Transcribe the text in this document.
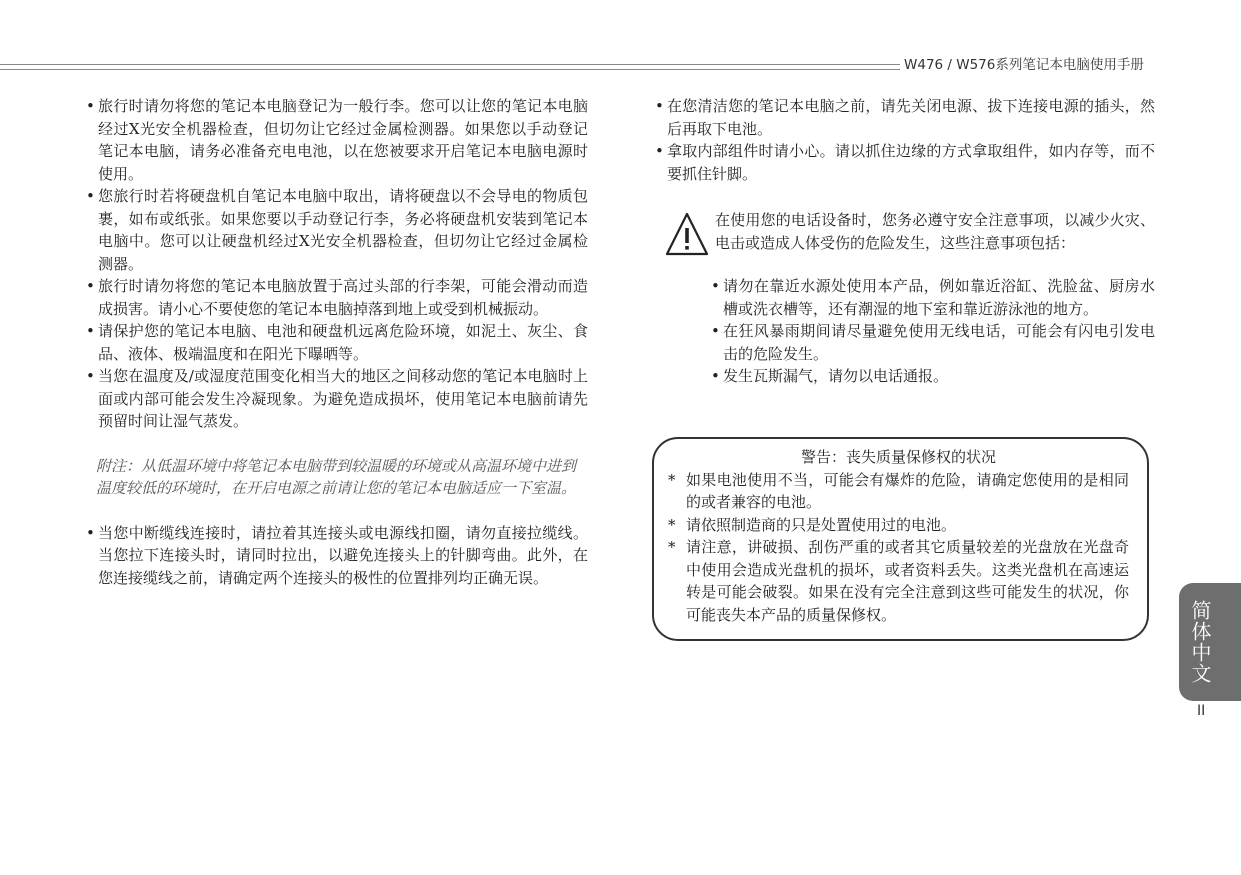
W476 / W576系列笔记本电脑使用手册
• 旅行时请勿将您的笔记本电脑登记为一般行李。您可以让您的笔记本电脑经过X光安全机器检查，但切勿让它经过金属检测器。如果您以手动登记笔记本电脑，请务必准备充电电池，以在您被要求开启笔记本电脑电源时使用。
• 您旅行时若将硬盘机自笔记本电脑中取出，请将硬盘以不会导电的物质包裹，如布或纸张。如果您要以手动登记行李，务必将硬盘机安装到笔记本电脑中。您可以让硬盘机经过X光安全机器检查，但切勿让它经过金属检测器。
• 旅行时请勿将您的笔记本电脑放置于高过头部的行李架，可能会滑动而造成损害。请小心不要使您的笔记本电脑掉落到地上或受到机械振动。
• 请保护您的笔记本电脑、电池和硬盘机远离危险环境，如泥土、灰尘、食品、液体、极端温度和在阳光下曝晒等。
• 当您在温度及/或湿度范围变化相当大的地区之间移动您的笔记本电脑时上面或内部可能会发生冷凝现象。为避免造成损坏，使用笔记本电脑前请先预留时间让湿气蒸发。
附注：从低温环境中将笔记本电脑带到较温暖的环境或从高温环境中进到温度较低的环境时，在开启电源之前请让您的笔记本电脑适应一下室温。
• 当您中断缆线连接时，请拉着其连接头或电源线扣圈，请勿直接拉缆线。当您拉下连接头时，请同时拉出，以避免连接头上的针脚弯曲。此外，在您连接缆线之前，请确定两个连接头的极性的位置排列均正确无误。
• 在您清洁您的笔记本电脑之前，请先关闭电源、拔下连接电源的插头，然后再取下电池。
• 拿取内部组件时请小心。请以抓住边缘的方式拿取组件，如内存等，而不要抓住针脚。
在使用您的电话设备时，您务必遵守安全注意事项，以减少火灾、电击或造成人体受伤的危险发生，这些注意事项包括：
• 请勿在靠近水源处使用本产品，例如靠近浴缸、洗脸盆、厨房水槽或洗衣槽等，还有潮湿的地下室和靠近游泳池的地方。
• 在狂风暴雨期间请尽量避免使用无线电话，可能会有闪电引发电击的危险发生。
• 发生瓦斯漏气，请勿以电话通报。
警告：丧失质量保修权的状况
* 如果电池使用不当，可能会有爆炸的危险，请确定您使用的是相同的或者兼容的电池。
* 请依照制造商的只是处置使用过的电池。
* 请注意，讲破损、刮伤严重的或者其它质量较差的光盘放在光盘奇中使用会造成光盘机的损坏，或者资料丢失。这类光盘机在高速运转是可能会破裂。如果在没有完全注意到这些可能发生的状况，你可能丧失本产品的质量保修权。	简体中文
II
